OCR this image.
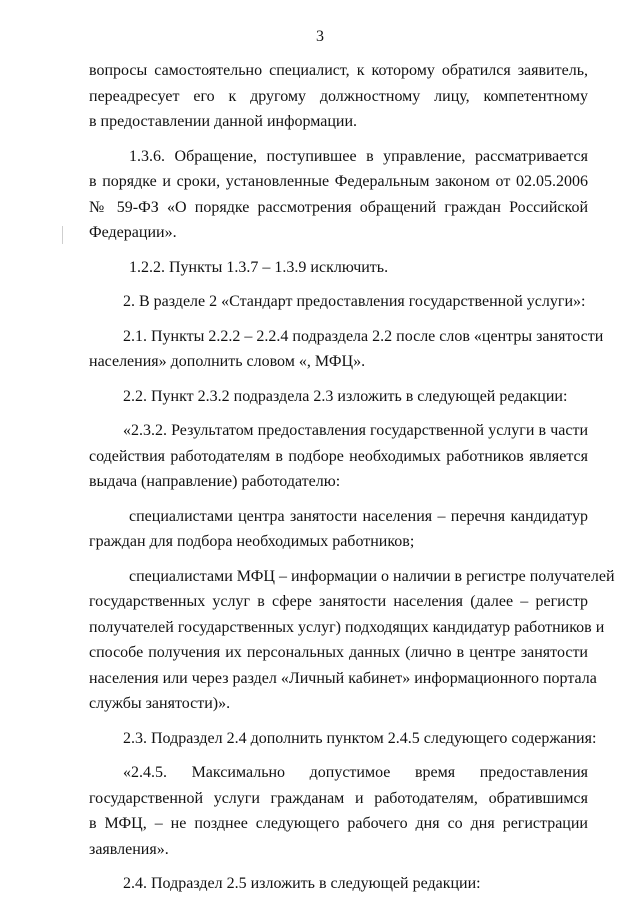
3
вопросы самостоятельно специалист, к которому обратился заявитель,
переадресует его к другому должностному лицу, компетентному
в предоставлении данной информации.
1.3.6. Обращение, поступившее в управление, рассматривается
в порядке и сроки, установленные Федеральным законом от 02.05.2006
№ 59-ФЗ «О порядке рассмотрения обращений граждан Российской
Федерации».
1.2.2. Пункты 1.3.7 – 1.3.9 исключить.
2. В разделе 2 «Стандарт предоставления государственной услуги»:
2.1. Пункты 2.2.2 – 2.2.4 подраздела 2.2 после слов «центры занятости
населения» дополнить словом «, МФЦ».
2.2. Пункт 2.3.2 подраздела 2.3 изложить в следующей редакции:
«2.3.2. Результатом предоставления государственной услуги в части
содействия работодателям в подборе необходимых работников является
выдача (направление) работодателю:
специалистами центра занятости населения – перечня кандидатур
граждан для подбора необходимых работников;
специалистами МФЦ – информации о наличии в регистре получателей
государственных услуг в сфере занятости населения (далее – регистр
получателей государственных услуг) подходящих кандидатур работников и
способе получения их персональных данных (лично в центре занятости
населения или через раздел «Личный кабинет» информационного портала
службы занятости)».
2.3. Подраздел 2.4 дополнить пунктом 2.4.5 следующего содержания:
«2.4.5. Максимально допустимое время предоставления
государственной услуги гражданам и работодателям, обратившимся
в МФЦ, – не позднее следующего рабочего дня со дня регистрации
заявления».
2.4. Подраздел 2.5 изложить в следующей редакции:
